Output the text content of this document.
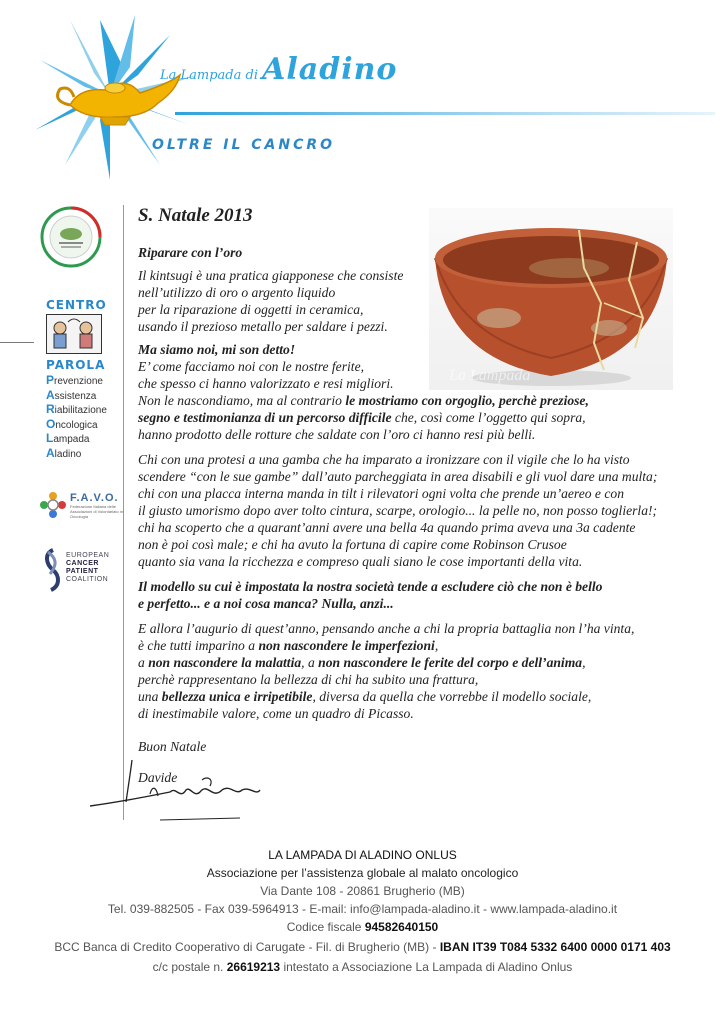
La Lampada di Aladino
OLTRE IL CANCRO
CENTRO
PAROLA
Prevenzione
Assistenza
Riabilitazione
Oncologica
Lampada
Aladino
F.A.V.O.
Federazione Italiana delle Associazioni di Volontariato in Oncologia
EUROPEAN
CANCER
PATIENT
COALITION
La Lampada

S. Natale 2013

Riparare con l’oro

Il kintsugi è una pratica giapponese che consiste

nell’utilizzo di oro o argento liquido

per la riparazione di oggetti in ceramica,

usando il prezioso metallo per saldare i pezzi.

Ma siamo noi, mi son detto!

E’ come facciamo noi con le nostre ferite,

che spesso ci hanno valorizzato e resi migliori.

Non le nascondiamo, ma al contrario le mostriamo con orgoglio, perchè preziose,

segno e testimonianza di un percorso difficile che, così come l’oggetto qui sopra,

hanno prodotto delle rotture che saldate con l’oro ci hanno resi più belli.

Chi con una protesi a una gamba che ha imparato a ironizzare con il vigile che lo ha visto

scendere “con le sue gambe” dall’auto parcheggiata in area disabili e gli vuol dare una multa;

chi con una placca interna manda in tilt i rilevatori ogni volta che prende un’aereo e con

il giusto umorismo dopo aver tolto cintura, scarpe, orologio... la pelle no, non posso toglierla!;

chi ha scoperto che a quarant’anni avere una bella 4a quando prima aveva una 3a cadente

non è poi così male; e chi ha avuto la fortuna di capire come Robinson Crusoe

quanto sia vana la ricchezza e compreso quali siano le cose importanti della vita.

Il modello su cui è impostata la nostra società tende a escludere ciò che non è bello

e perfetto... e a noi cosa manca? Nulla, anzi...

E allora l’augurio di quest’anno, pensando anche a chi la propria battaglia non l’ha vinta,

è che tutti imparino a non nascondere le imperfezioni,

a non nascondere la malattia, a non nascondere le ferite del corpo e dell’anima,

perchè rappresentano la bellezza di chi ha subito una frattura,

una bellezza unica e irripetibile, diversa da quella che vorrebbe il modello sociale,

di inestimabile valore, come un quadro di Picasso.

Buon Natale

Davide
LA LAMPADA DI ALADINO ONLUS
Associazione per l’assistenza globale al malato oncologico
Via Dante 108 - 20861 Brugherio (MB)
Tel. 039-882505 - Fax 039-5964913 - E-mail: info@lampada-aladino.it - www.lampada-aladino.it
Codice fiscale 94582640150
BCC Banca di Credito Cooperativo di Carugate - Fil. di Brugherio (MB) - IBAN IT39 T084 5332 6400 0000 0171 403
c/c postale n. 26619213 intestato a Associazione La Lampada di Aladino Onlus
